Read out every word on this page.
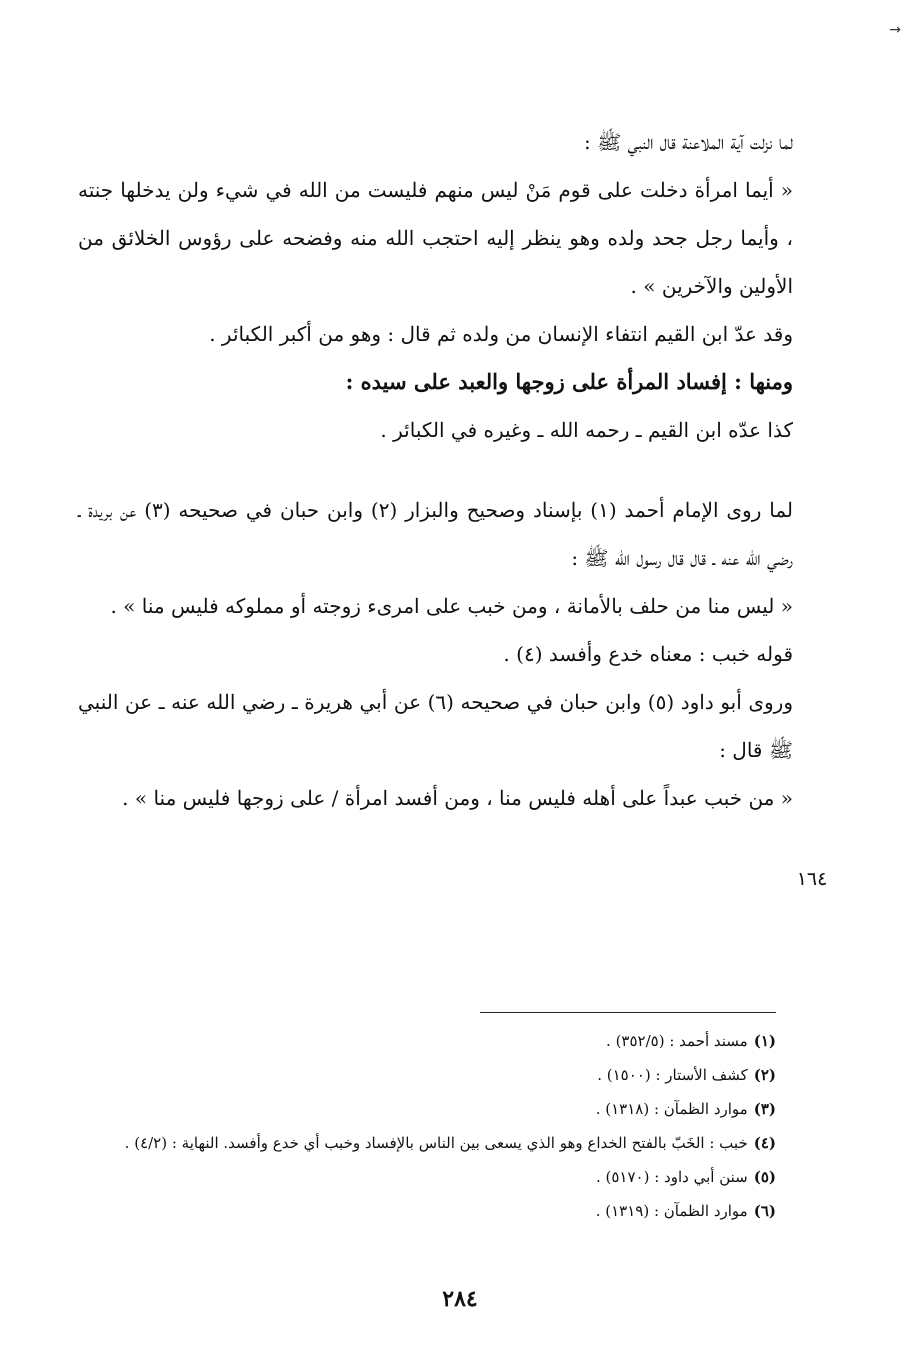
→

لما نزلت آية الملاعنة قال النبي ﷺ :

« أيما امرأة دخلت على قوم مَنْ ليس منهم فليست من الله في شيء ولن يدخلها جنته ، وأيما رجل جحد ولده وهو ينظر إليه احتجب الله منه وفضحه على رؤوس الخلائق من الأولين والآخرين » .

وقد عدّ ابن القيم انتفاء الإنسان من ولده ثم قال : وهو من أكبر الكبائر .

ومنها : إفساد المرأة على زوجها والعبد على سيده :

كذا عدّه ابن القيم ـ رحمه الله ـ وغيره في الكبائر .

لما روى الإمام أحمد (١) بإسناد وصحيح والبزار (٢) وابن حبان في صحيحه (٣) عن بريدة ـ رضي الله عنه ـ قال قال رسول الله ﷺ :

« ليس منا من حلف بالأمانة ، ومن خبب على امرىء زوجته أو مملوكه فليس منا » .

قوله خبب : معناه خدع وأفسد (٤) .

وروى أبو داود (٥) وابن حبان في صحيحه (٦) عن أبي هريرة ـ رضي الله عنه ـ عن النبي ﷺ قال :

« من خبب عبداً على أهله فليس منا ، ومن أفسد امرأة / على زوجها فليس منا » .

١٦٤
(١)
مسند أحمد : (٣٥٢/٥) .
(٢)
كشف الأستار : (١٥٠٠) .
(٣)
موارد الظمآن : (١٣١٨) .
(٤)
خبب : الخَبّ بالفتح الخداع وهو الذي يسعى بين الناس بالإفساد وخبب أي خدع وأفسد. النهاية : (٤/٢) .
(٥)
سنن أبي داود : (٥١٧٠) .
(٦)
موارد الظمآن : (١٣١٩) .
٢٨٤
